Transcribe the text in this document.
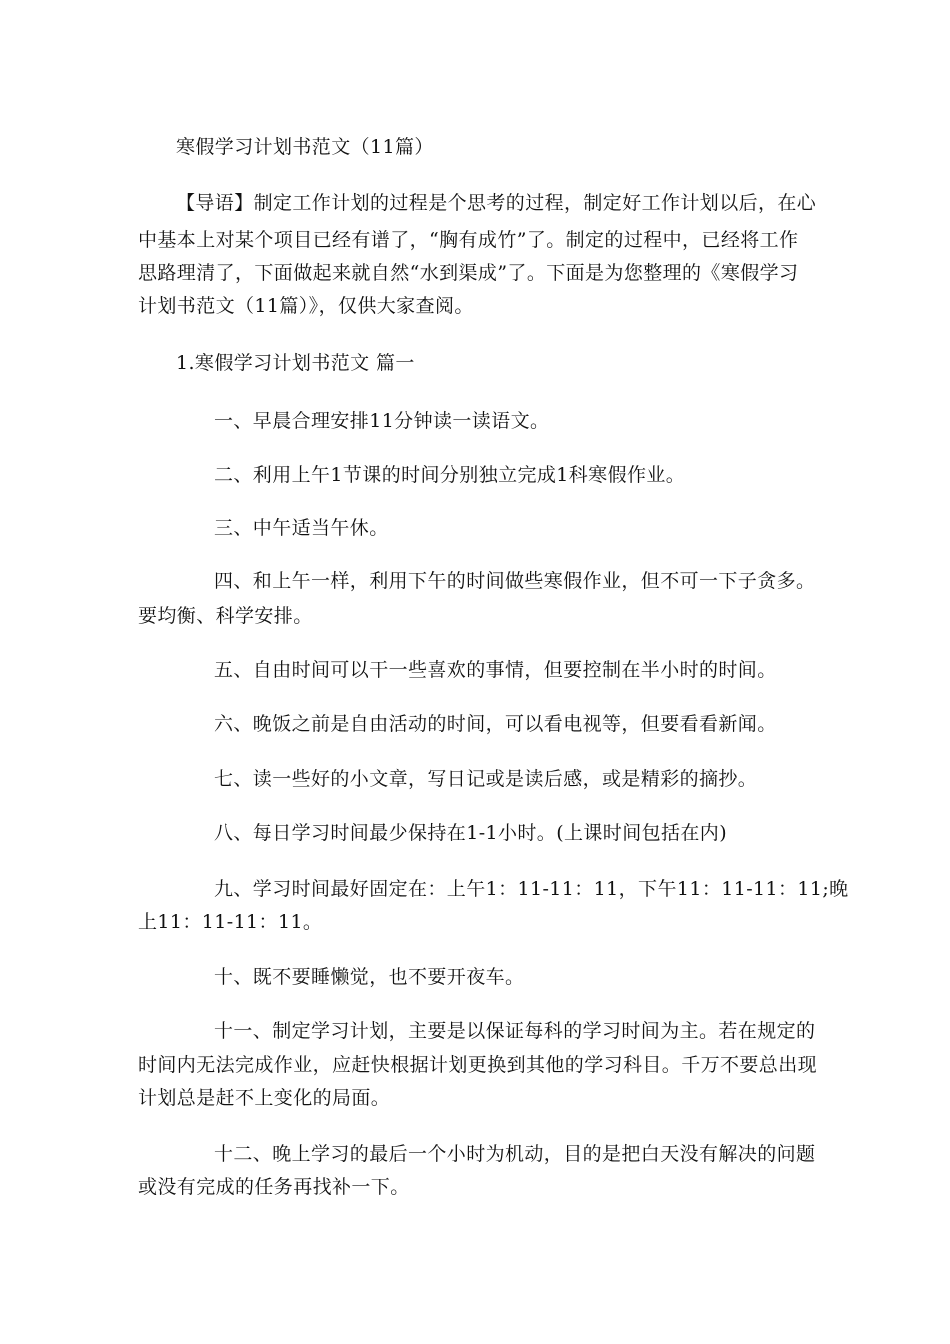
寒假学习计划书范文（11篇）
【导语】制定工作计划的过程是个思考的过程，制定好工作计划以后，在心
中基本上对某个项目已经有谱了，“胸有成竹”了。制定的过程中，已经将工作
思路理清了，下面做起来就自然“水到渠成”了。下面是为您整理的《寒假学习
计划书范文（11篇）》，仅供大家查阅。
1.寒假学习计划书范文 篇一
一、早晨合理安排11分钟读一读语文。
二、利用上午1节课的时间分别独立完成1科寒假作业。
三、中午适当午休。
四、和上午一样，利用下午的时间做些寒假作业，但不可一下子贪多。
要均衡、科学安排。
五、自由时间可以干一些喜欢的事情，但要控制在半小时的时间。
六、晚饭之前是自由活动的时间，可以看电视等，但要看看新闻。
七、读一些好的小文章，写日记或是读后感，或是精彩的摘抄。
八、每日学习时间最少保持在1-1小时。(上课时间包括在内)
九、学习时间最好固定在：上午1：11-11：11，下午11：11-11：11;晚
上11：11-11：11。
十、既不要睡懒觉，也不要开夜车。
十一、制定学习计划，主要是以保证每科的学习时间为主。若在规定的
时间内无法完成作业，应赶快根据计划更换到其他的学习科目。千万不要总出现
计划总是赶不上变化的局面。
十二、晚上学习的最后一个小时为机动，目的是把白天没有解决的问题
或没有完成的任务再找补一下。
